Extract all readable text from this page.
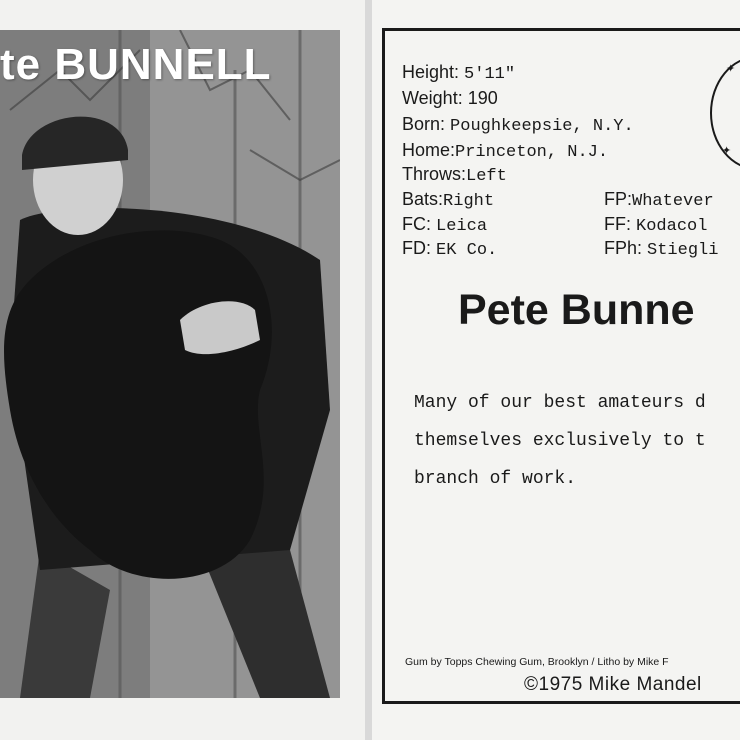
te BUNNELL	Height: 5'11"
Weight: 190
Born: Poughkeepsie, N.Y.
Home:Princeton, N.J.
Throws:Left
Bats:Right	FP:Whatever
FC: Leica	FF: Kodacol
FD: EK Co.	FPh: Stiegli
✦
✦
Pete Bunne
Many of our best amateurs d
themselves exclusively to t
branch of work.
Gum by Topps Chewing Gum, Brooklyn / Litho by Mike F
©1975 Mike Mandel
